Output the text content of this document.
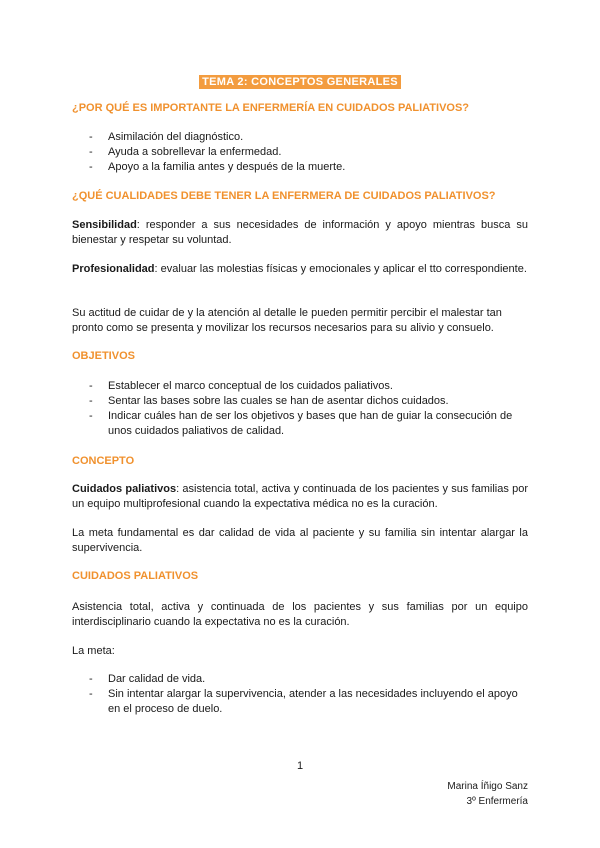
TEMA 2: CONCEPTOS GENERALES
¿POR QUÉ ES IMPORTANTE LA ENFERMERÍA EN CUIDADOS PALIATIVOS?
- Asimilación del diagnóstico.
- Ayuda a sobrellevar la enfermedad.
- Apoyo a la familia antes y después de la muerte.
¿QUÉ CUALIDADES DEBE TENER LA ENFERMERA DE CUIDADOS PALIATIVOS?

Sensibilidad: responder a sus necesidades de información y apoyo mientras busca su bienestar y respetar su voluntad.

Profesionalidad: evaluar las molestias físicas y emocionales y aplicar el tto correspondiente.

Su actitud de cuidar de y la atención al detalle le pueden permitir percibir el malestar tan pronto como se presenta y movilizar los recursos necesarios para su alivio y consuelo.

OBJETIVOS
- Establecer el marco conceptual de los cuidados paliativos.
- Sentar las bases sobre las cuales se han de asentar dichos cuidados.
- Indicar cuáles han de ser los objetivos y bases que han de guiar la consecución de unos cuidados paliativos de calidad.
CONCEPTO

Cuidados paliativos: asistencia total, activa y continuada de los pacientes y sus familias por un equipo multiprofesional cuando la expectativa médica no es la curación.

La meta fundamental es dar calidad de vida al paciente y su familia sin intentar alargar la supervivencia.

CUIDADOS PALIATIVOS

Asistencia total, activa y continuada de los pacientes y sus familias por un equipo interdisciplinario cuando la expectativa no es la curación.

La meta:

- Dar calidad de vida.
- Sin intentar alargar la supervivencia, atender a las necesidades incluyendo el apoyo en el proceso de duelo.
1
Marina Íñigo Sanz
3º Enfermería
